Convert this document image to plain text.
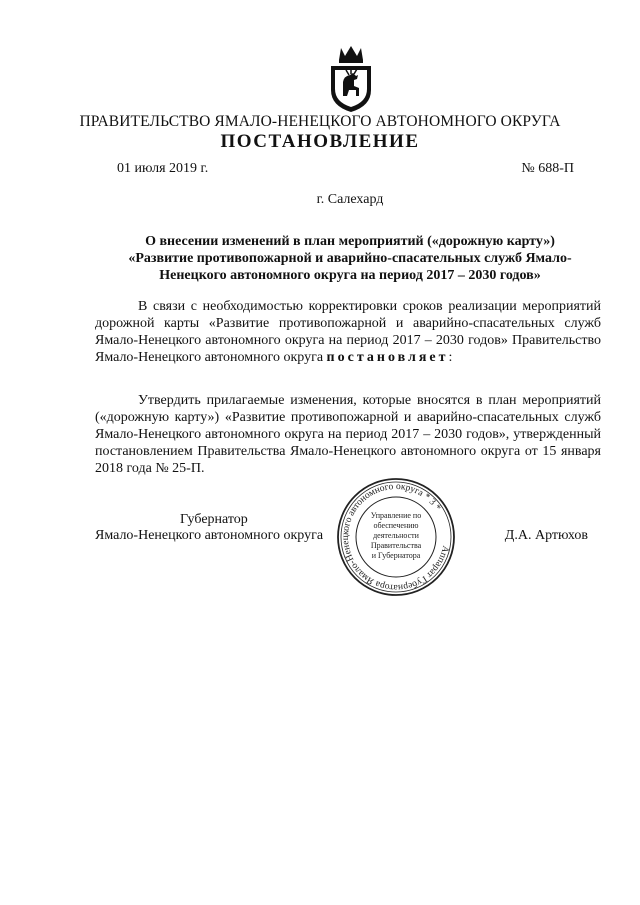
ПРАВИТЕЛЬСТВО ЯМАЛО-НЕНЕЦКОГО АВТОНОМНОГО ОКРУГА
ПОСТАНОВЛЕНИЕ
01 июля 2019 г.	№ 688-П
г. Салехард
О внесении изменений в план мероприятий («дорожную карту»)
«Развитие противопожарной и аварийно-спасательных служб Ямало-Ненецкого автономного округа на период 2017 – 2030 годов»
В связи с необходимостью корректировки сроков реализации мероприятий дорожной карты «Развитие противопожарной и аварийно-спасательных служб Ямало-Ненецкого автономного округа на период 2017 – 2030 годов» Правительство Ямало-Ненецкого автономного округа постановляет:
Утвердить прилагаемые изменения, которые вносятся в план мероприятий («дорожную карту») «Развитие противопожарной и аварийно-спасательных служб Ямало-Ненецкого автономного округа на период 2017 – 2030 годов», утвержденный постановлением Правительства Ямало-Ненецкого автономного округа от 15 января 2018 года № 25-П.
Губернатор
Ямало-Ненецкого автономного округа	Д.А. Артюхов
Аппарат Губернатора Ямало-Ненецкого автономного округа * 3 *
Управление по
обеспечению
деятельности
Правительства
и Губернатора
